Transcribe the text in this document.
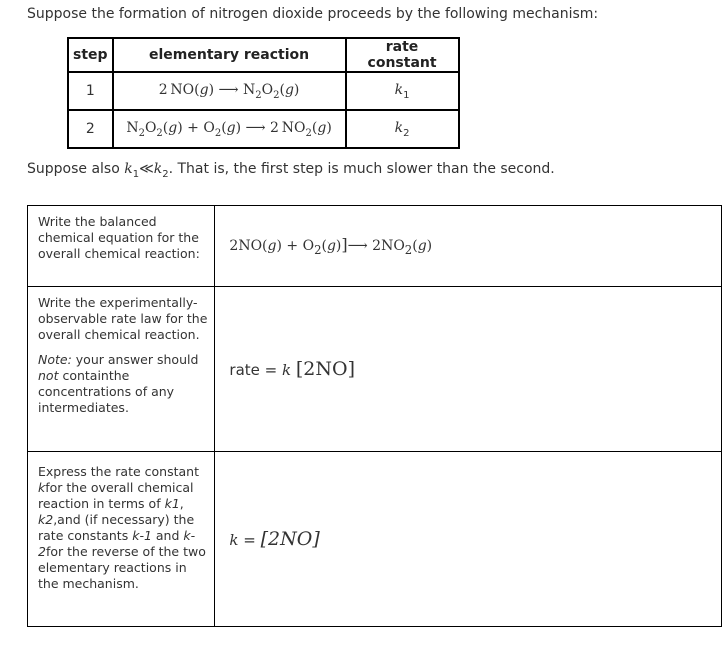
Suppose the formation of nitrogen dioxide proceeds by the following mechanism:
step	elementary reaction	rate constant
1	2 NO(g) ⟶ $N_2O_2(g)$	$k_1$
2	$N_2O_2(g) + O_2(g)$ ⟶ 2 $NO_2(g)$	$k_2$
Suppose also $k_1≪k_2$. That is, the first step is much slower than the second.
Write the balanced chemical equation for the overall chemical reaction:	$2NO(g) + O_2(g)]⟶$ $2NO_2(g)$

Write the experimentally-observable rate law for the overall chemical reaction.
Note: your answer should not containthe concentrations of any intermediates.	rate = k [2NO]
Express the rate constant kfor the overall chemical reaction in terms of k1, k2,and (if necessary) the rate constants k-1 and k-2for the reverse of the two elementary reactions in the mechanism.	k = [2NO]
